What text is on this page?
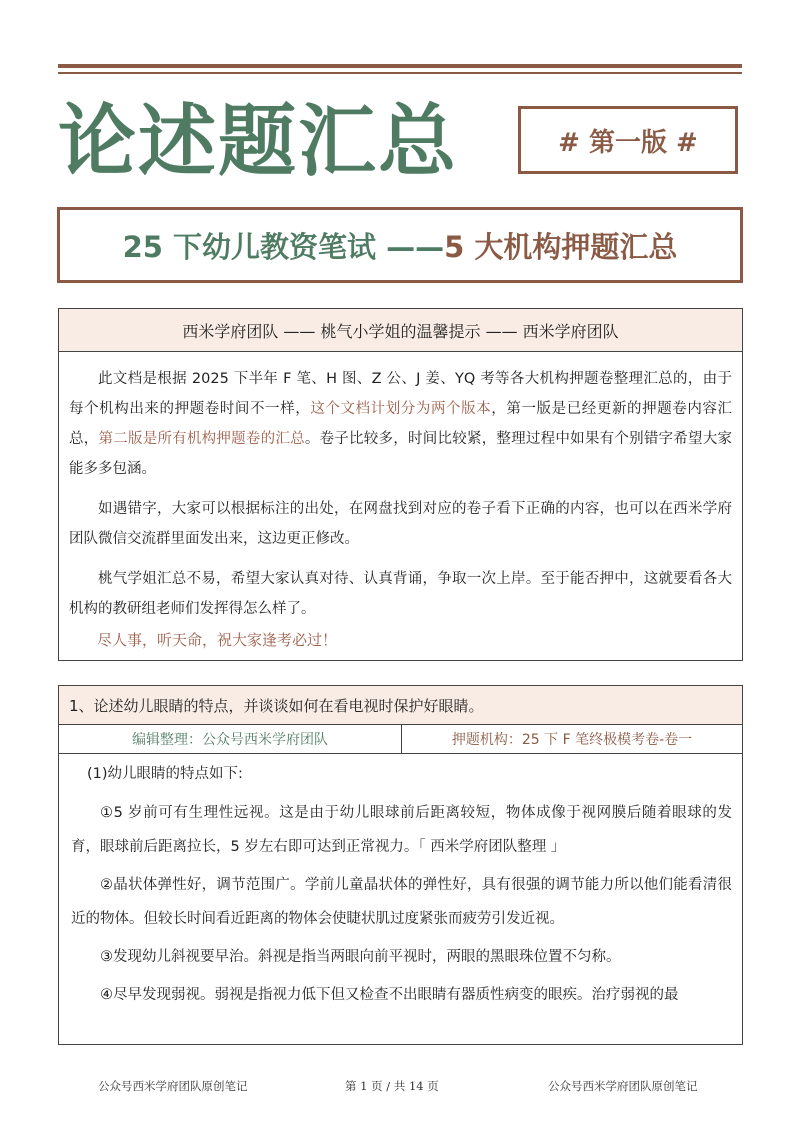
论述题汇总	# 第一版 #
25 下幼儿教资笔试 —— 5 大机构押题汇总
西米学府团队 —— 桃气小学姐的温馨提示 —— 西米学府团队

此文档是根据 2025 下半年 F 笔、H 图、Z 公、J 姜、YQ 考等各大机构押题卷整理汇总的，由于每个机构出来的押题卷时间不一样，这个文档计划分为两个版本，第一版是已经更新的押题卷内容汇总，第二版是所有机构押题卷的汇总。卷子比较多，时间比较紧，整理过程中如果有个别错字希望大家能多多包涵。

如遇错字，大家可以根据标注的出处，在网盘找到对应的卷子看下正确的内容，也可以在西米学府团队微信交流群里面发出来，这边更正修改。

桃气学姐汇总不易，希望大家认真对待、认真背诵，争取一次上岸。至于能否押中，这就要看各大机构的教研组老师们发挥得怎么样了。

尽人事，听天命，祝大家逢考必过！
1、论述幼儿眼睛的特点，并谈谈如何在看电视时保护好眼睛。
编辑整理：公众号西米学府团队	押题机构：25 下 F 笔终极模考卷-卷一

(1)幼儿眼睛的特点如下:

①5 岁前可有生理性远视。这是由于幼儿眼球前后距离较短，物体成像于视网膜后随着眼球的发育，眼球前后距离拉长，5 岁左右即可达到正常视力。「 西米学府团队整理 」

②晶状体弹性好，调节范围广。学前儿童晶状体的弹性好，具有很强的调节能力所以他们能看清很近的物体。但较长时间看近距离的物体会使睫状肌过度紧张而疲劳引发近视。

③发现幼儿斜视要早治。斜视是指当两眼向前平视时，两眼的黑眼珠位置不匀称。

④尽早发现弱视。弱视是指视力低下但又检查不出眼睛有器质性病变的眼疾。治疗弱视的最

公众号西米学府团队原创笔记	第 1 页 / 共 14 页	公众号西米学府团队原创笔记
